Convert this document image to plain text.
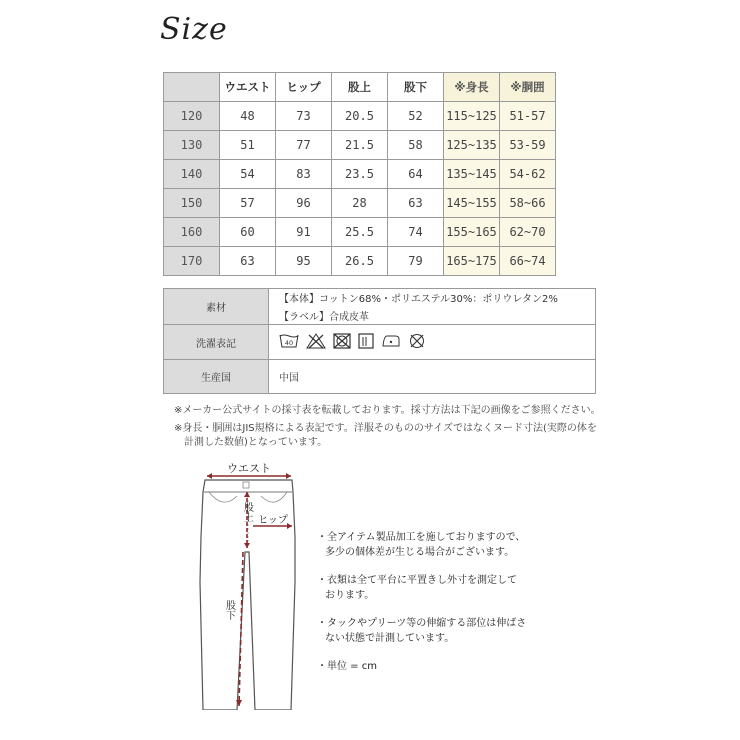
Size
	ウエスト	ヒップ	股上	股下	※身長	※胴囲
120	48	73	20.5	52	115~125	51-57
130	51	77	21.5	58	125~135	53-59
140	54	83	23.5	64	135~145	54-62
150	57	96	28	63	145~155	58~66
160	60	91	25.5	74	155~165	62~70
170	63	95	26.5	79	165~175	66~74
素材	【本体】コットン68%・ポリエステル30%：ポリウレタン2%
【ラベル】合成皮革

洗濯表記	40

生産国	中国
※メーカー公式サイトの採寸表を転載しております。採寸方法は下記の画像をご参照ください。
※身長・胴囲はJIS規格による表記です。洋服そのもののサイズではなくヌード寸法(実際の体を
計測した数値)となっています。
ウエスト
股上 ヒップ
股下
・全アイテム製品加工を施しておりますので、
多少の個体差が生じる場合がございます。
・衣類は全て平台に平置きし外寸を測定して
おります。
・タックやプリーツ等の伸縮する部位は伸ばさ
ない状態で計測しています。
・単位 = cm
